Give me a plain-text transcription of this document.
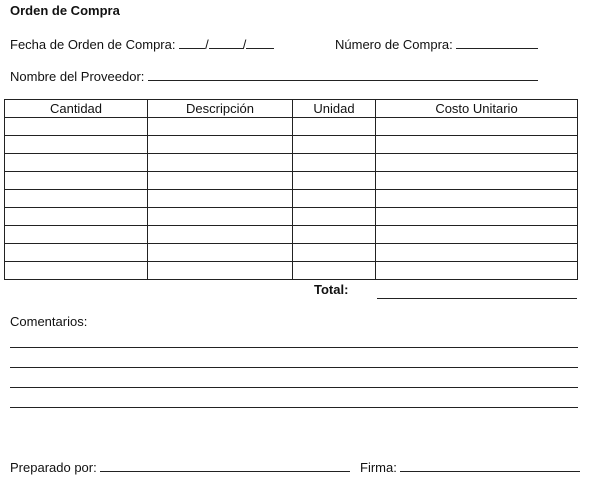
Orden de Compra
Fecha de Orden de Compra: /	/	Número de Compra:
Nombre del Proveedor:
Cantidad	Descripción	Unidad	Costo Unitario

Total:
Comentarios:
Preparado por:	Firma:
